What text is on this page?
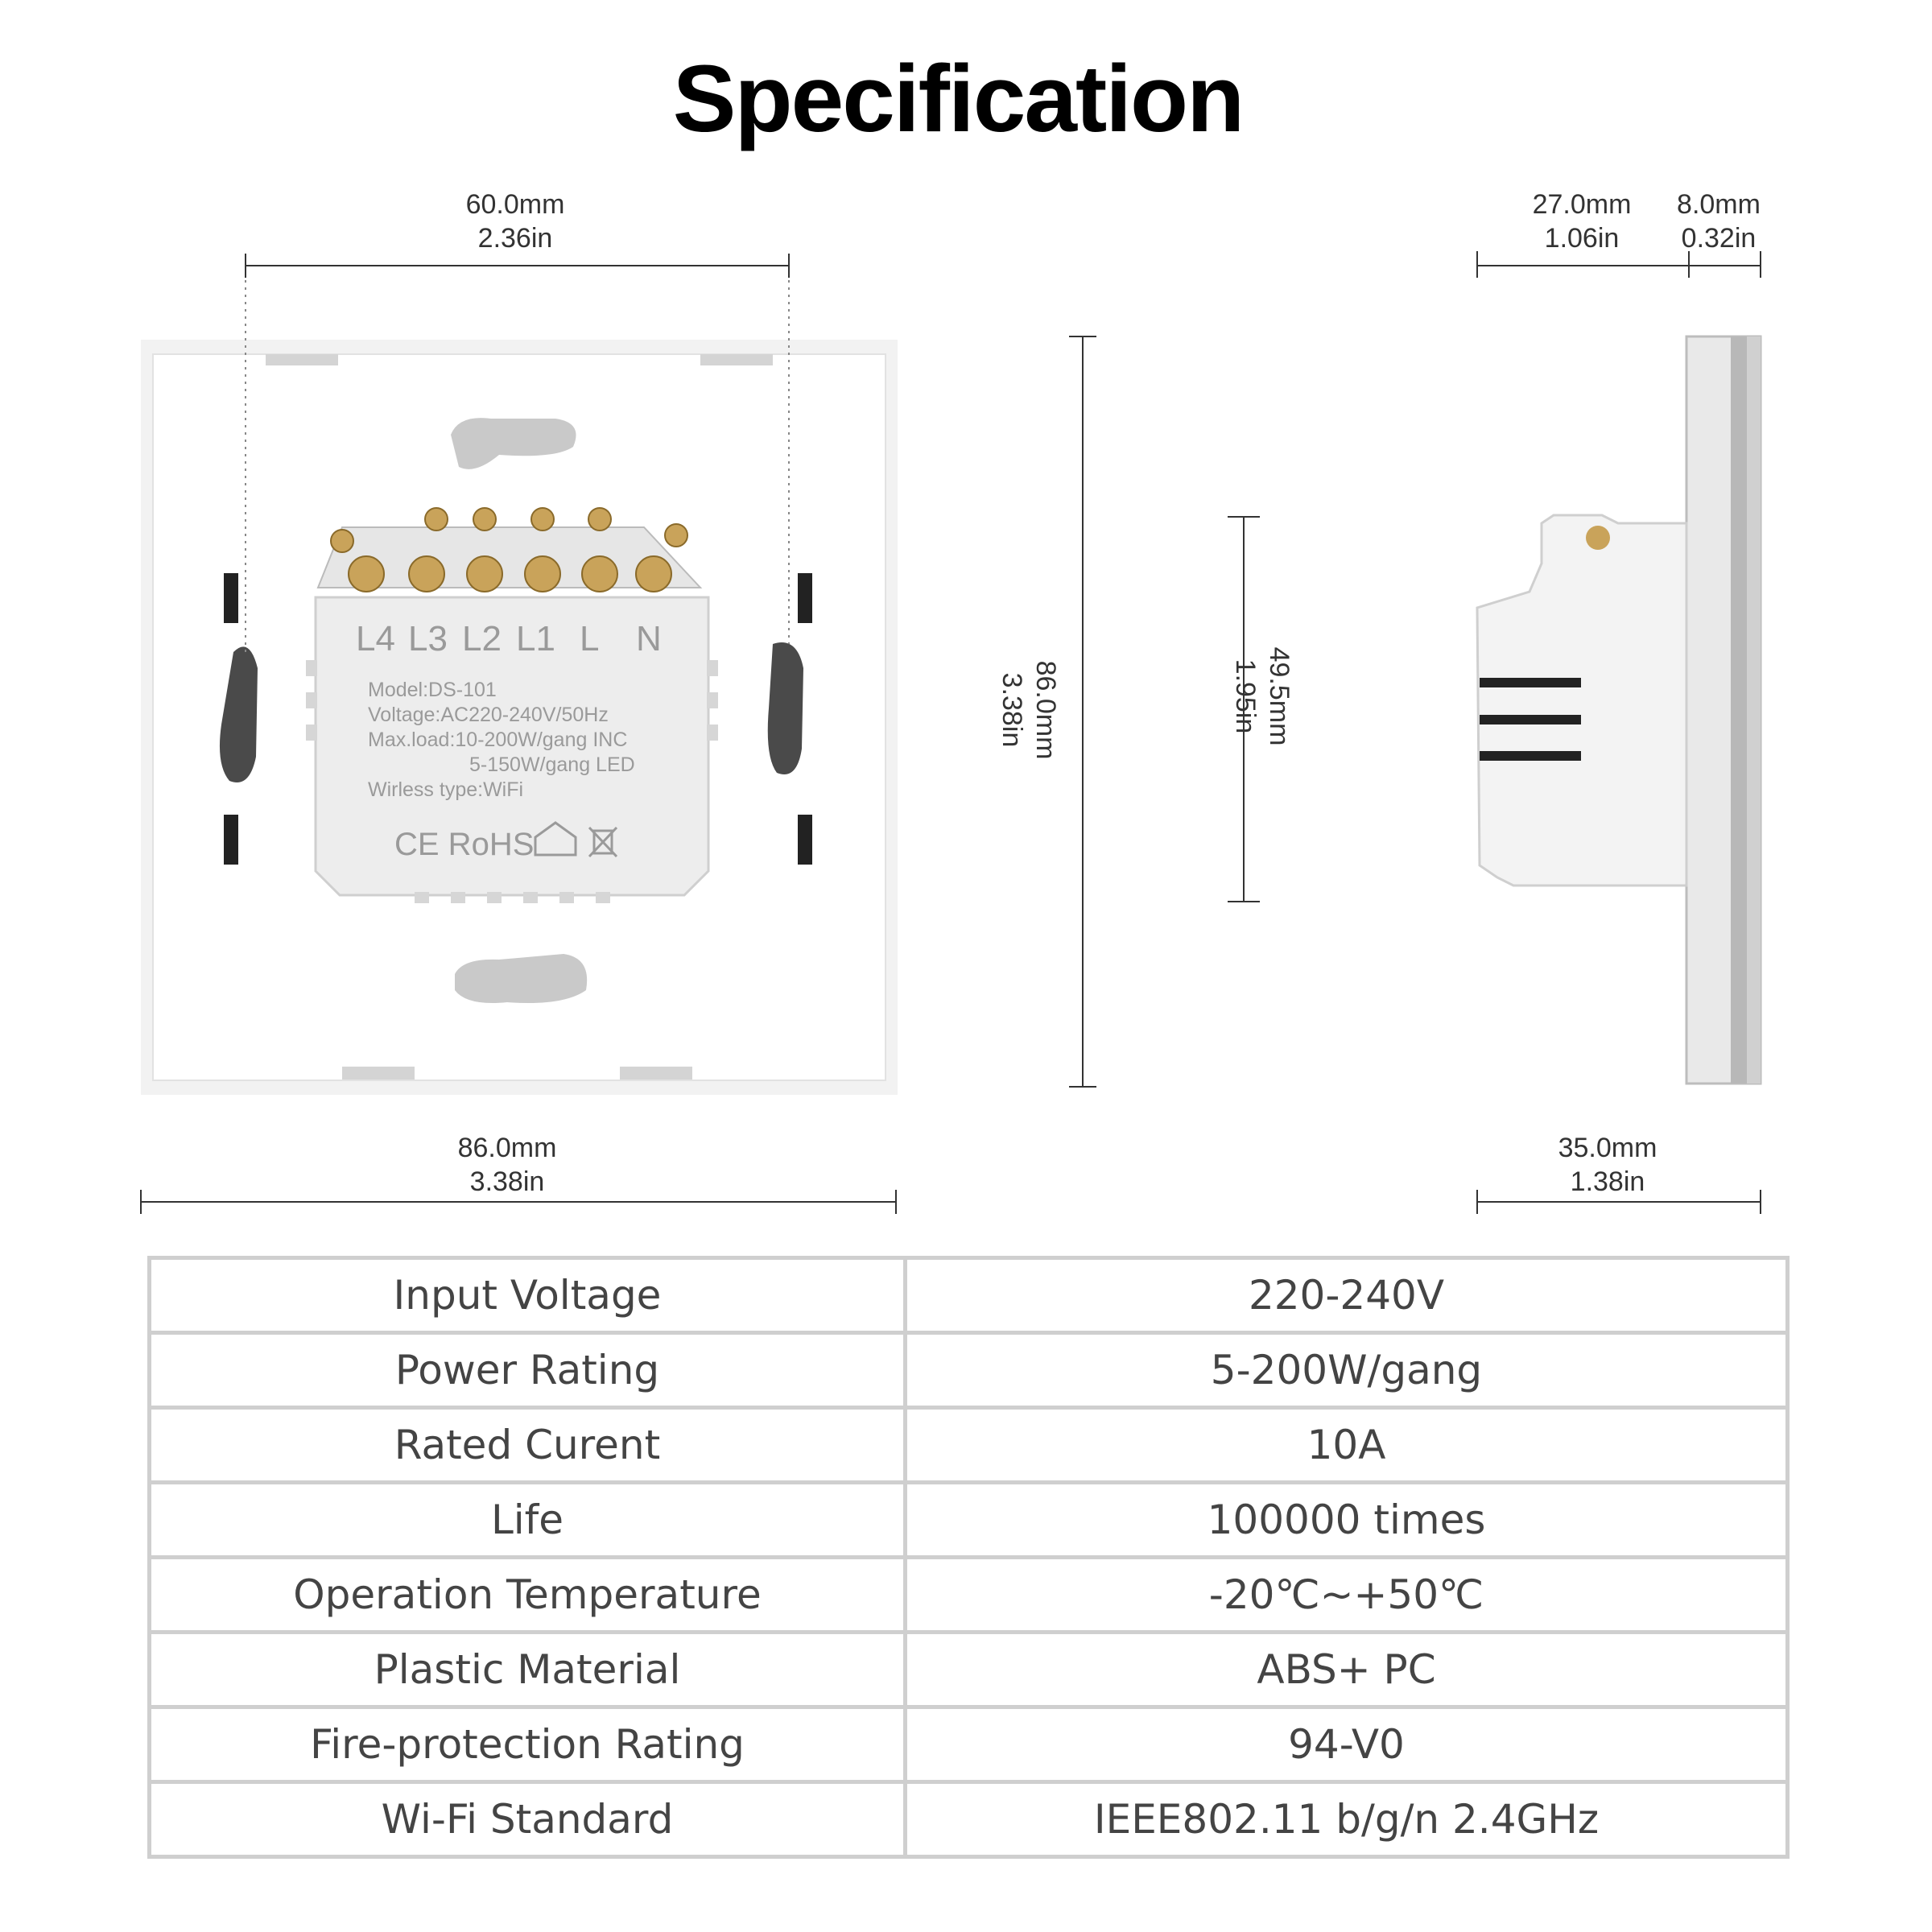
Specification
L4 L3 L2 L1 L N
Model:DS-101
Voltage:AC220-240V/50Hz
Max.load:10-200W/gang INC
5-150W/gang LED
Wirless type:WiFi
CE RoHS
60.0mm
2.36in
86.0mm
3.38in
86.0mm
3.38in	49.5mm
1.95in
27.0mm
1.06in
8.0mm
0.32in
35.0mm
1.38in
Input Voltage	220-240V
Power Rating	5-200W/gang
Rated Curent	10A
Life	100000 times
Operation Temperature	-20℃~+50℃
Plastic Material	ABS+ PC
Fire-protection Rating	94-V0
Wi-Fi Standard	IEEE802.11 b/g/n 2.4GHz
